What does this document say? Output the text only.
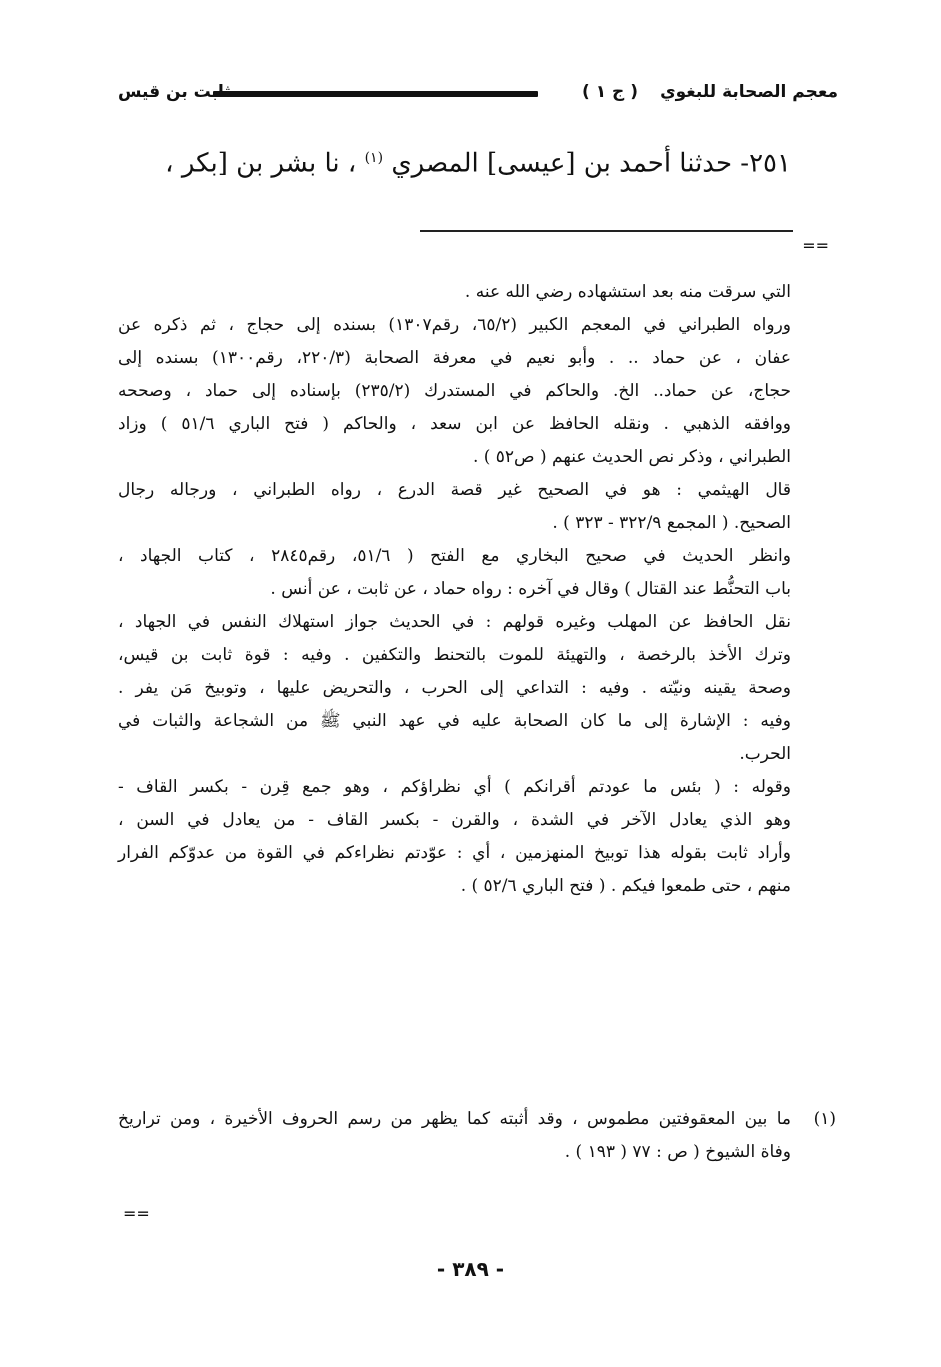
معجم الصحابة للبغوي
( ج ١ )
ثابت بن قيس
٢٥١- حدثنا أحمد بن [عيسى] المصري $^{(١)}$ ، نا بشر بن [بكر ،
==
التي سرقت منه بعد استشهاده رضي الله عنه .
ورواه الطبراني في المعجم الكبير (٦٥/٢، رقم١٣٠٧) بسنده إلى حجاج ، ثم ذكره عن
عفان ، عن حماد .. . وأبو نعيم في معرفة الصحابة (٢٢٠/٣، رقم١٣٠٠) بسنده إلى
حجاج، عن حماد.. الخ. والحاكم في المستدرك (٢٣٥/٢) بإسناده إلى حماد ، وصححه
ووافقه الذهبي . ونقله الحافظ عن ابن سعد ، والحاكم ( فتح الباري ٥١/٦ ) وزاد
الطبراني ، وذكر نص الحديث عنهم ( ص٥٢ ) .
قال الهيثمي : هو في الصحيح غير قصة الدرع ، رواه الطبراني ، ورجاله رجال
الصحيح. ( المجمع ٣٢٢/٩ - ٣٢٣ ) .
وانظر الحديث في صحيح البخاري مع الفتح ( ٥١/٦، رقم٢٨٤٥ ، كتاب الجهاد ،
باب التحنُّط عند القتال ) وقال في آخره : رواه حماد ، عن ثابت ، عن أنس .
نقل الحافظ عن المهلب وغيره قولهم : في الحديث جواز استهلاك النفس في الجهاد ،
وترك الأخذ بالرخصة ، والتهيئة للموت بالتحنط والتكفين . وفيه : قوة ثابت بن قيس،
وصحة يقينه ونيّته . وفيه : التداعي إلى الحرب ، والتحريض عليها ، وتوبيخ مَن يفر .
وفيه : الإشارة إلى ما كان الصحابة عليه في عهد النبي ﷺ من الشجاعة والثبات في
الحرب.
وقوله : ( بئس ما عودتم أقرانكم ) أي نظراؤكم ، وهو جمع قِرن - بكسر القاف -
وهو الذي يعادل الآخر في الشدة ، والقرن - بكسر القاف - من يعادل في السن ،
وأراد ثابت بقوله هذا توبيخ المنهزمين ، أي : عوّدتم نظراءكم في القوة من عدوّكم الفرار
منهم ، حتى طمعوا فيكم . ( فتح الباري ٥٢/٦ ) .
(١)
ما بين المعقوفتين مطموس ، وقد أثبته كما يظهر من رسم الحروف الأخيرة ، ومن تراريخ
وفاة الشيوخ ( ص : ٧٧ ( ١٩٣ ) .
==
- ٣٨٩ -
